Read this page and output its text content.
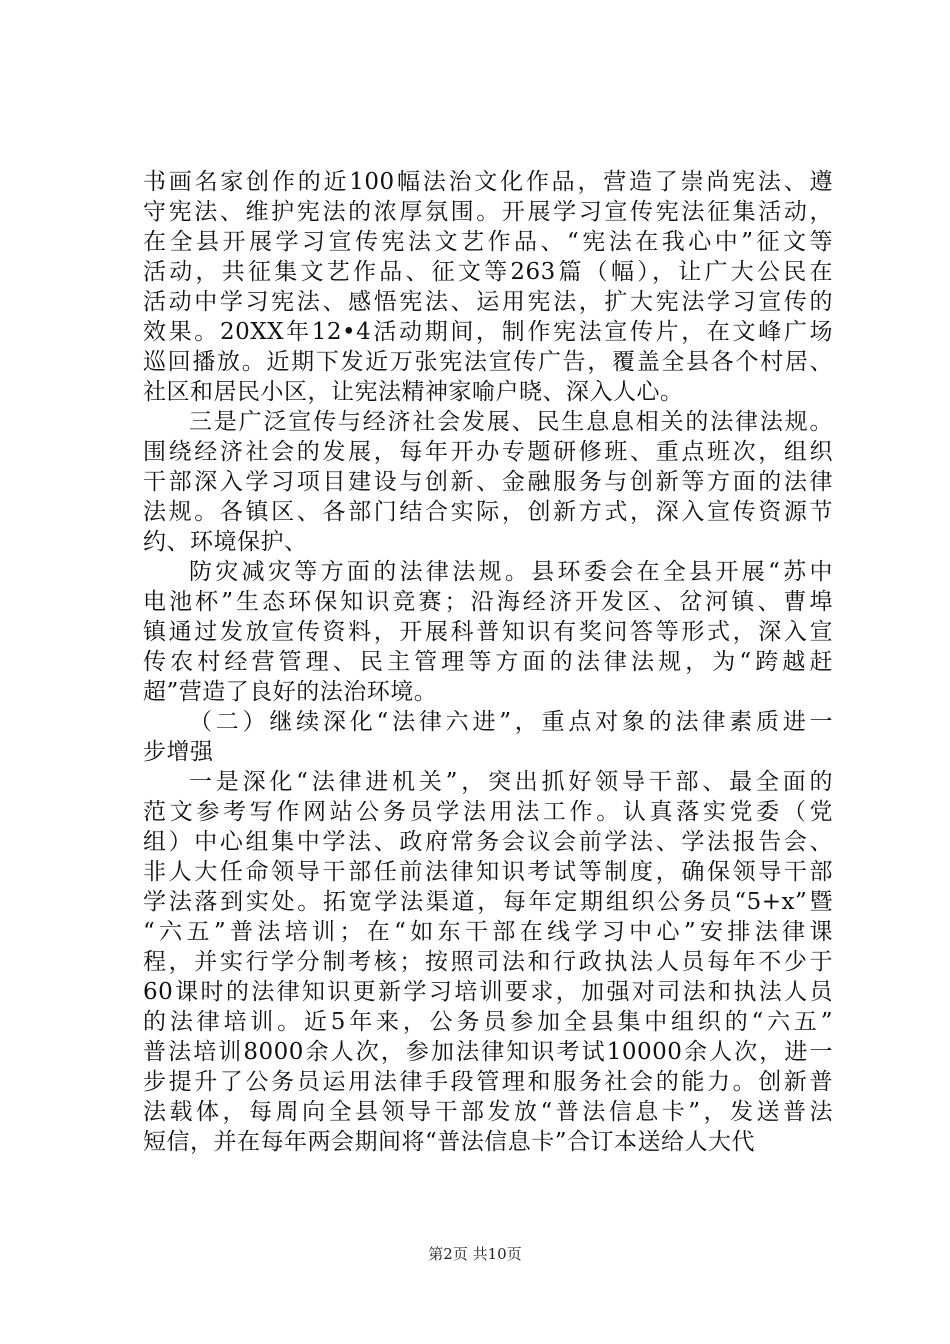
书画名家创作的近100幅法治文化作品，营造了崇尚宪法、遵
守宪法、维护宪法的浓厚氛围。开展学习宣传宪法征集活动，
在全县开展学习宣传宪法文艺作品、“宪法在我心中”征文等
活动，共征集文艺作品、征文等263篇（幅），让广大公民在
活动中学习宪法、感悟宪法、运用宪法，扩大宪法学习宣传的
效果。20XX年12•4活动期间，制作宪法宣传片，在文峰广场
巡回播放。近期下发近万张宪法宣传广告，覆盖全县各个村居、
社区和居民小区，让宪法精神家喻户晓、深入人心。
三是广泛宣传与经济社会发展、民生息息相关的法律法规。
围绕经济社会的发展，每年开办专题研修班、重点班次，组织
干部深入学习项目建设与创新、金融服务与创新等方面的法律
法规。各镇区、各部门结合实际，创新方式，深入宣传资源节
约、环境保护、
防灾减灾等方面的法律法规。县环委会在全县开展“苏中
电池杯”生态环保知识竞赛；沿海经济开发区、岔河镇、曹埠
镇通过发放宣传资料，开展科普知识有奖问答等形式，深入宣
传农村经营管理、民主管理等方面的法律法规，为“跨越赶
超”营造了良好的法治环境。
（二）继续深化“法律六进”，重点对象的法律素质进一
步增强
一是深化“法律进机关”，突出抓好领导干部、最全面的
范文参考写作网站公务员学法用法工作。认真落实党委（党
组）中心组集中学法、政府常务会议会前学法、学法报告会、
非人大任命领导干部任前法律知识考试等制度，确保领导干部
学法落到实处。拓宽学法渠道，每年定期组织公务员“5+x”暨
“六五”普法培训；在“如东干部在线学习中心”安排法律课
程，并实行学分制考核；按照司法和行政执法人员每年不少于
60课时的法律知识更新学习培训要求，加强对司法和执法人员
的法律培训。近5年来，公务员参加全县集中组织的“六五”
普法培训8000余人次，参加法律知识考试10000余人次，进一
步提升了公务员运用法律手段管理和服务社会的能力。创新普
法载体，每周向全县领导干部发放“普法信息卡”，发送普法
短信，并在每年两会期间将“普法信息卡”合订本送给人大代
第2页 共10页
